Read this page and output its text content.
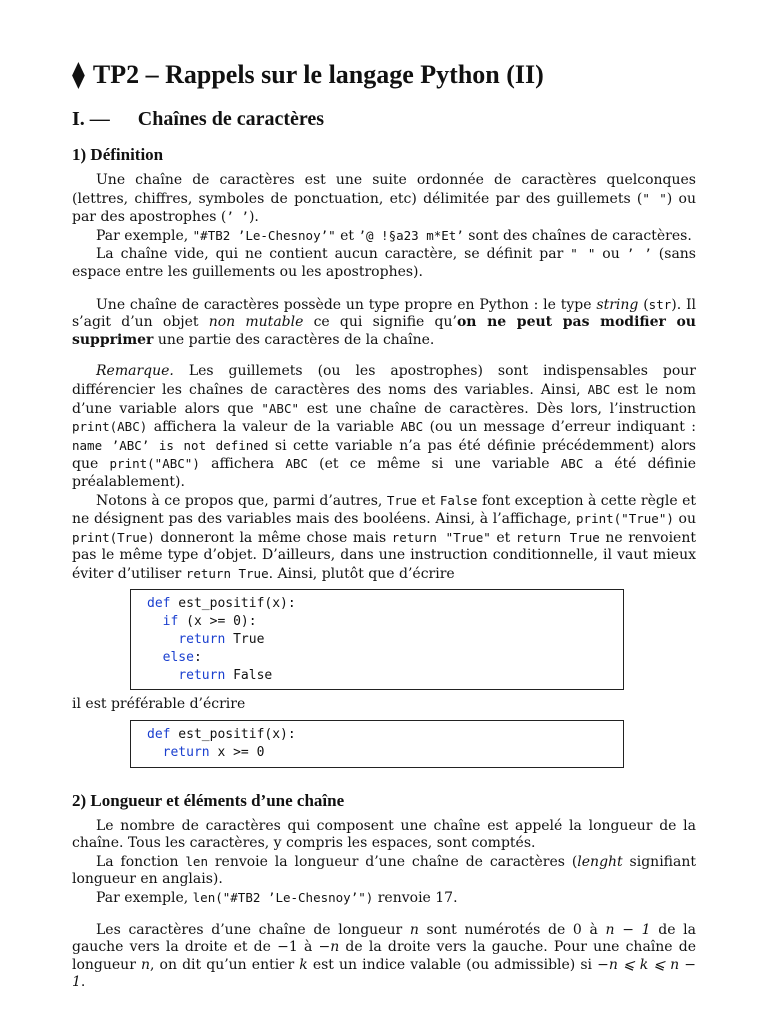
⧫ TP2 – Rappels sur le langage Python (II)
I. — Chaînes de caractères
1) Définition

Une chaîne de caractères est une suite ordonnée de caractères quelconques (lettres, chiffres, symboles de ponctuation, etc) délimitée par des guillemets (" ") ou par des apostrophes (’ ’).

Par exemple, "#TB2 ’Le-Chesnoy’" et ’@ !§a23 m*Et’ sont des chaînes de caractères.

La chaîne vide, qui ne contient aucun caractère, se définit par " " ou ’ ’ (sans espace entre les guillements ou les apostrophes).

Une chaîne de caractères possède un type propre en Python : le type string (str). Il s’agit d’un objet non mutable ce qui signifie qu’on ne peut pas modifier ou supprimer une partie des caractères de la chaîne.

Remarque. Les guillemets (ou les apostrophes) sont indispensables pour différencier les chaînes de caractères des noms des variables. Ainsi, ABC est le nom d’une variable alors que "ABC" est une chaîne de caractères. Dès lors, l’instruction print(ABC) affichera la valeur de la variable ABC (ou un message d’erreur indiquant : name ’ABC’ is not defined si cette variable n’a pas été définie précédemment) alors que print("ABC") affichera ABC (et ce même si une variable ABC a été définie préalablement).

Notons à ce propos que, parmi d’autres, True et False font exception à cette règle et ne désignent pas des variables mais des booléens. Ainsi, à l’affichage, print("True") ou print(True) donneront la même chose mais return "True" et return True ne renvoient pas le même type d’objet. D’ailleurs, dans une instruction conditionnelle, il vaut mieux éviter d’utiliser return True. Ainsi, plutôt que d’écrire

def est_positif(x):
if (x >= 0):
return True
else:
return False

il est préférable d’écrire

def est_positif(x):
return x >= 0
2) Longueur et éléments d’une chaîne

Le nombre de caractères qui composent une chaîne est appelé la longueur de la chaîne. Tous les caractères, y compris les espaces, sont comptés.

La fonction len renvoie la longueur d’une chaîne de caractères (lenght signifiant longueur en anglais).

Par exemple, len("#TB2 ’Le-Chesnoy’") renvoie 17.

Les caractères d’une chaîne de longueur n sont numérotés de 0 à n − 1 de la gauche vers la droite et de −1 à −n de la droite vers la gauche. Pour une chaîne de longueur n, on dit qu’un entier k est un indice valable (ou admissible) si −n ⩽ k ⩽ n − 1.
